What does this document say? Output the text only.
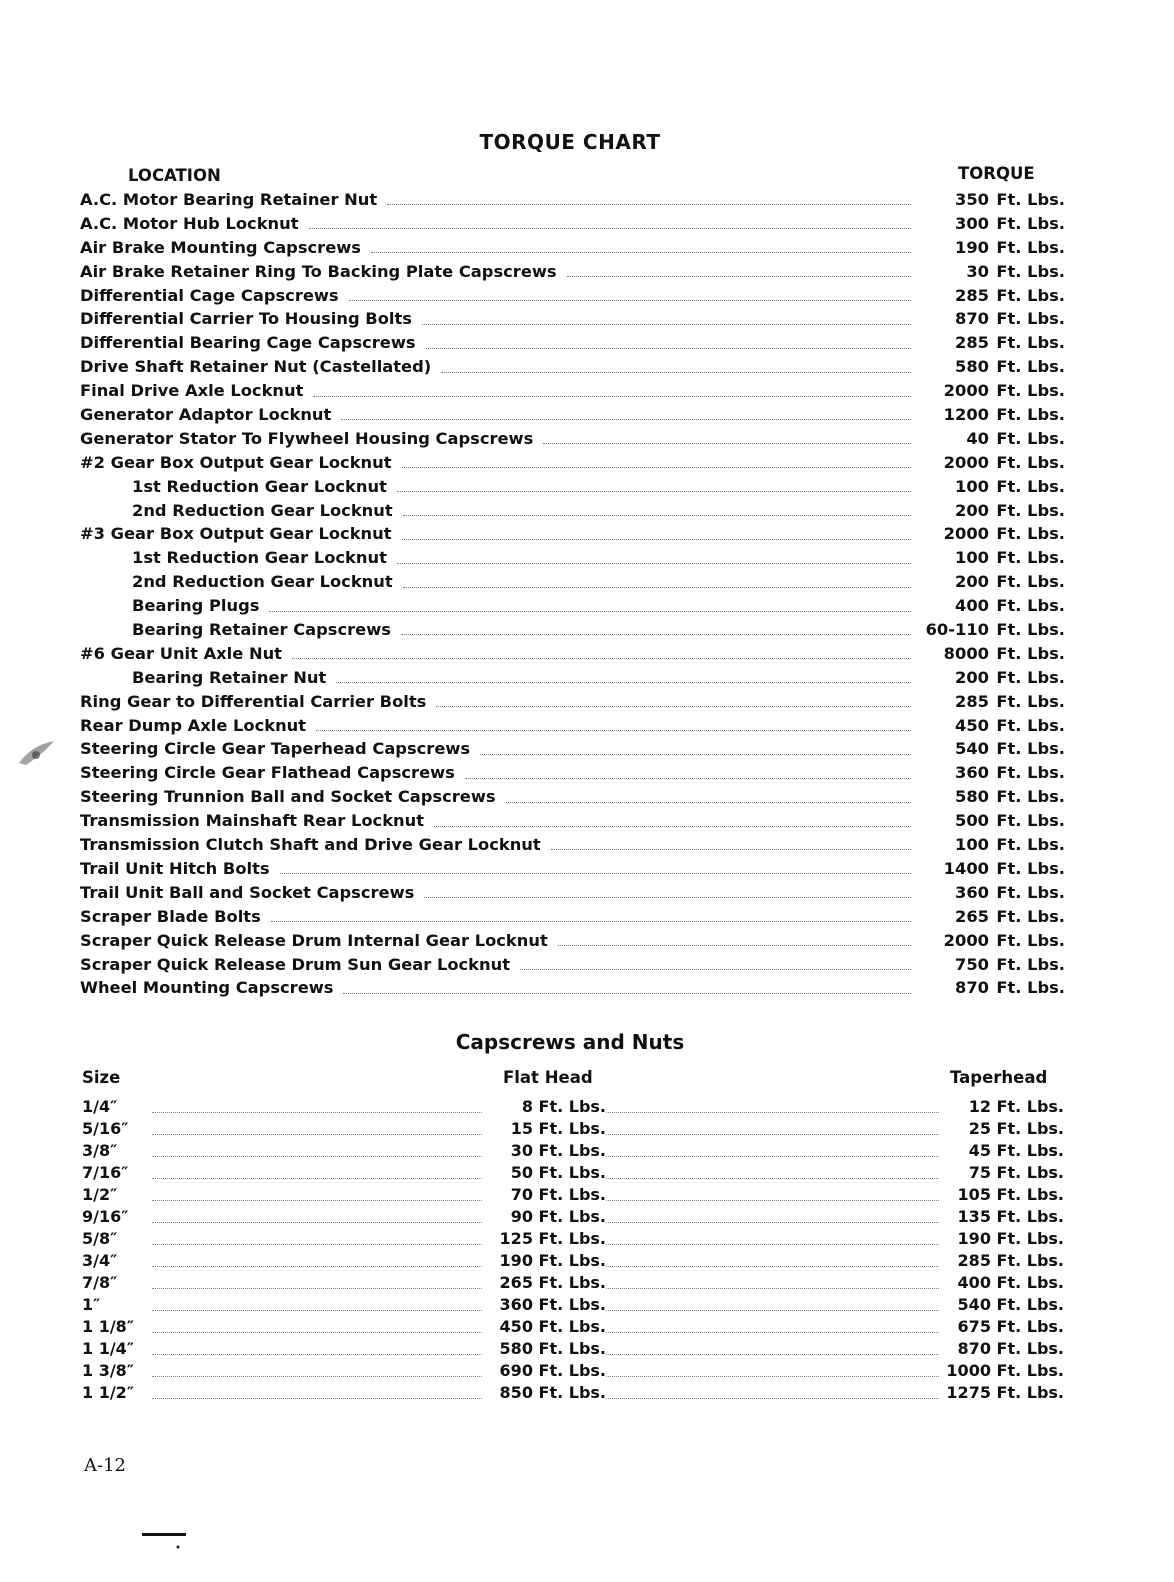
TORQUE CHART
LOCATION	TORQUE
A.C. Motor Bearing Retainer Nut	350 Ft. Lbs.
A.C. Motor Hub Locknut	300 Ft. Lbs.
Air Brake Mounting Capscrews	190 Ft. Lbs.
Air Brake Retainer Ring To Backing Plate Capscrews	30 Ft. Lbs.
Differential Cage Capscrews	285 Ft. Lbs.
Differential Carrier To Housing Bolts	870 Ft. Lbs.
Differential Bearing Cage Capscrews	285 Ft. Lbs.
Drive Shaft Retainer Nut (Castellated)	580 Ft. Lbs.
Final Drive Axle Locknut	2000 Ft. Lbs.
Generator Adaptor Locknut	1200 Ft. Lbs.
Generator Stator To Flywheel Housing Capscrews	40 Ft. Lbs.
#2 Gear Box Output Gear Locknut	2000 Ft. Lbs.
1st Reduction Gear Locknut	100 Ft. Lbs.
2nd Reduction Gear Locknut	200 Ft. Lbs.
#3 Gear Box Output Gear Locknut	2000 Ft. Lbs.
1st Reduction Gear Locknut	100 Ft. Lbs.
2nd Reduction Gear Locknut	200 Ft. Lbs.
Bearing Plugs	400 Ft. Lbs.
Bearing Retainer Capscrews	60-110 Ft. Lbs.
#6 Gear Unit Axle Nut	8000 Ft. Lbs.
Bearing Retainer Nut	200 Ft. Lbs.
Ring Gear to Differential Carrier Bolts	285 Ft. Lbs.
Rear Dump Axle Locknut	450 Ft. Lbs.
Steering Circle Gear Taperhead Capscrews	540 Ft. Lbs.
Steering Circle Gear Flathead Capscrews	360 Ft. Lbs.
Steering Trunnion Ball and Socket Capscrews	580 Ft. Lbs.
Transmission Mainshaft Rear Locknut	500 Ft. Lbs.
Transmission Clutch Shaft and Drive Gear Locknut	100 Ft. Lbs.
Trail Unit Hitch Bolts	1400 Ft. Lbs.
Trail Unit Ball and Socket Capscrews	360 Ft. Lbs.
Scraper Blade Bolts	265 Ft. Lbs.
Scraper Quick Release Drum Internal Gear Locknut	2000 Ft. Lbs.
Scraper Quick Release Drum Sun Gear Locknut	750 Ft. Lbs.
Wheel Mounting Capscrews	870 Ft. Lbs.
Capscrews and Nuts
Size	Flat Head	Taperhead
1/4″	8 Ft. Lbs.	12 Ft. Lbs.
5/16″	15 Ft. Lbs.	25 Ft. Lbs.
3/8″	30 Ft. Lbs.	45 Ft. Lbs.
7/16″	50 Ft. Lbs.	75 Ft. Lbs.
1/2″	70 Ft. Lbs.	105 Ft. Lbs.
9/16″	90 Ft. Lbs.	135 Ft. Lbs.
5/8″	125 Ft. Lbs.	190 Ft. Lbs.
3/4″	190 Ft. Lbs.	285 Ft. Lbs.
7/8″	265 Ft. Lbs.	400 Ft. Lbs.
1″	360 Ft. Lbs.	540 Ft. Lbs.
1 1/8″	450 Ft. Lbs.	675 Ft. Lbs.
1 1/4″	580 Ft. Lbs.	870 Ft. Lbs.
1 3/8″	690 Ft. Lbs.	1000 Ft. Lbs.
1 1/2″	850 Ft. Lbs.	1275 Ft. Lbs.
A-12
